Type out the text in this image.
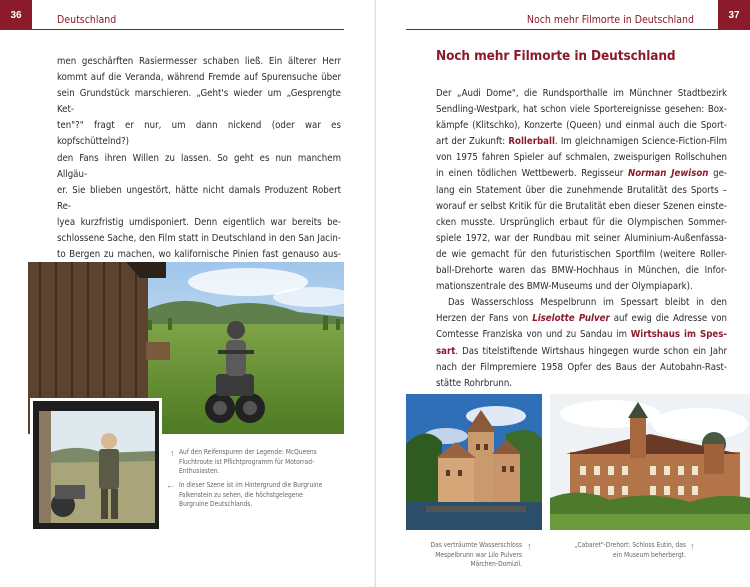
36	Deutschland
men geschärften Rasiermesser schaben ließ. Ein älterer Herr
kommt auf die Veranda, während Fremde auf Spurensuche über
sein Grundstück marschieren. „Geht's wieder um „Gesprengte Ket-
ten"?" fragt er nur, um dann nickend (oder war es kopfschüttelnd?)
den Fans ihren Willen zu lassen. So geht es nun manchem Allgäu-
er. Sie blieben ungestört, hätte nicht damals Produzent Robert Re-
lyea kurzfristig umdisponiert. Denn eigentlich war bereits be-
schlossene Sache, den Film statt in Deutschland in den San Jacin-
to Bergen zu machen, wo kalifornische Pinien fast genauso aus-
↑ Auf den Reifenspuren der Legende: McQueens Fluchtroute ist Pflichtprogramm für Motorrad-Enthusiasten.
← In dieser Szene ist im Hintergrund die Burgruine Falkenstein zu sehen, die höchstgelegene Burgruine Deutschlands.
Noch mehr Filmorte in Deutschland	37
Noch mehr Filmorte in Deutschland
Der „Audi Dome", die Rundsporthalle im Münchner Stadtbezirk
Sendling-Westpark, hat schon viele Sportereignisse gesehen: Box-
kämpfe (Klitschko), Konzerte (Queen) und einmal auch die Sport-
art der Zukunft: Rollerball. Im gleichnamigen Science-Fiction-Film
von 1975 fahren Spieler auf schmalen, zweispurigen Rollschuhen
in einen tödlichen Wettbewerb. Regisseur Norman Jewison ge-
lang ein Statement über die zunehmende Brutalität des Sports –
worauf er selbst Kritik für die Brutalität eben dieser Szenen einste-
cken musste. Ursprünglich erbaut für die Olympischen Sommer-
spiele 1972, war der Rundbau mit seiner Aluminium-Außenfassa-
de wie gemacht für den futuristischen Sportfilm (weitere Roller-
ball-Drehorte waren das BMW-Hochhaus in München, die Infor-
mationszentrale des BMW-Museums und der Olympiapark).
Das Wasserschloss Mespelbrunn im Spessart bleibt in den
Herzen der Fans von Liselotte Pulver auf ewig die Adresse von
Comtesse Franziska von und zu Sandau im Wirtshaus im Spes-
sart. Das titelstiftende Wirtshaus hingegen wurde schon ein Jahr
nach der Filmpremiere 1958 Opfer des Baus der Autobahn-Rast-
stätte Rohrbrunn.
Das verträumte Wasserschloss Mespelbrunn war Lilo Pulvers Märchen-Domizil.
↑	„Cabaret"-Drehort: Schloss Eutin, das ein Museum beherbergt.
↑
